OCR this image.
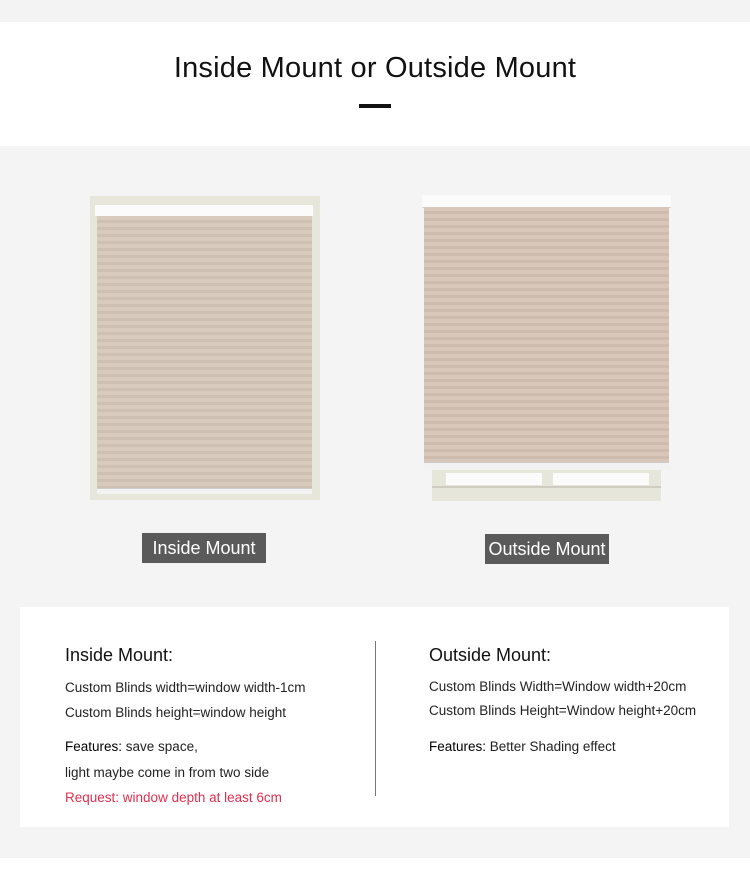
Inside Mount or Outside Mount
Inside Mount	Outside Mount
Inside Mount:
Custom Blinds width=window width-1cm
Custom Blinds height=window height
Features: save space,
light maybe come in from two side
Request: window depth at least 6cm
Outside Mount:
Custom Blinds Width=Window width+20cm
Custom Blinds Height=Window height+20cm
Features: Better Shading effect
